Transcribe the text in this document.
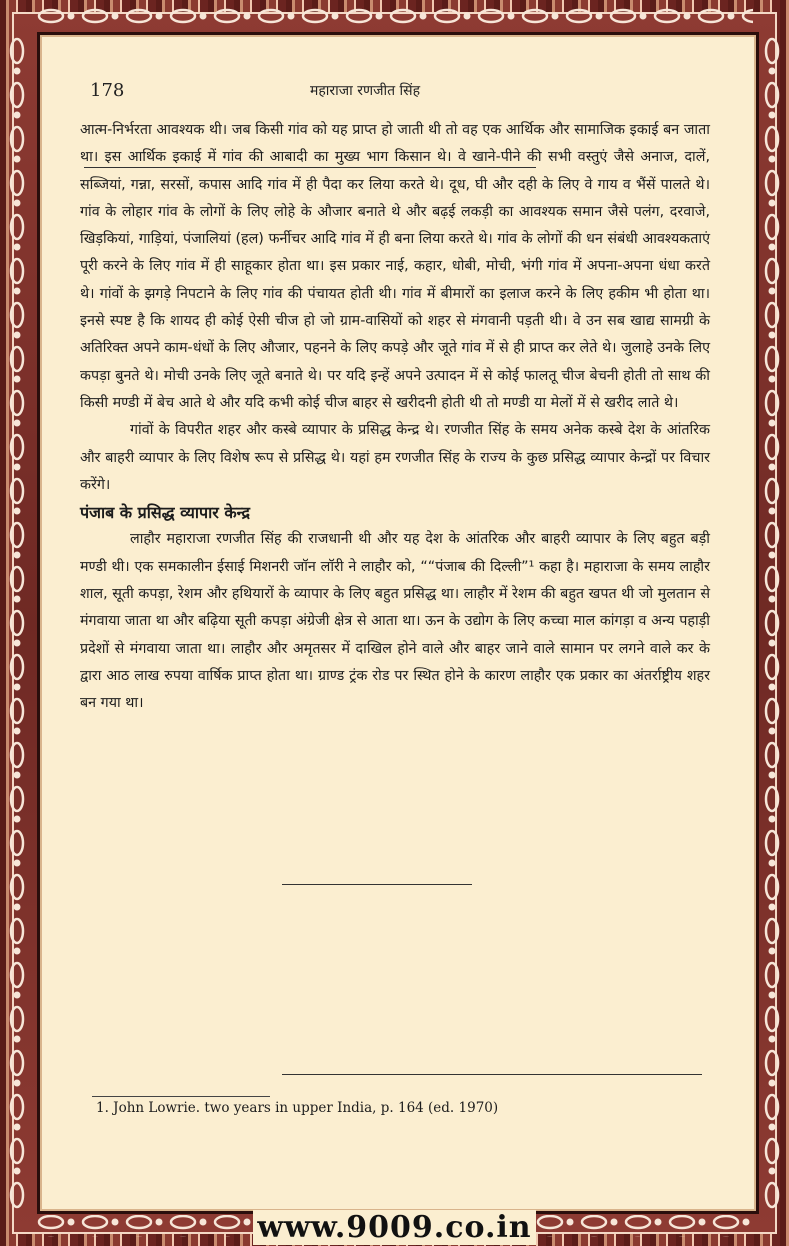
178	महाराजा रणजीत सिंह

आत्म-निर्भरता आवश्यक थी। जब किसी गांव को यह प्राप्त हो जाती थी तो वह एक आर्थिक और सामाजिक इकाई बन जाता था। इस आर्थिक इकाई में गांव की आबादी का मुख्य भाग किसान थे। वे खाने-पीने की सभी वस्तुएं जैसे अनाज, दालें, सब्जियां, गन्ना, सरसों, कपास आदि गांव में ही पैदा कर लिया करते थे। दूध, घी और दही के लिए वे गाय व भैंसें पालते थे। गांव के लोहार गांव के लोगों के लिए लोहे के औजार बनाते थे और बढ़ई लकड़ी का आवश्यक समान जैसे पलंग, दरवाजे, खिड़कियां, गाड़ियां, पंजालियां (हल) फर्नीचर आदि गांव में ही बना लिया करते थे। गांव के लोगों की धन संबंधी आवश्यकताएं पूरी करने के लिए गांव में ही साहूकार होता था। इस प्रकार नाई, कहार, धोबी, मोची, भंगी गांव में अपना-अपना धंधा करते थे। गांवों के झगड़े निपटाने के लिए गांव की पंचायत होती थी। गांव में बीमारों का इलाज करने के लिए हकीम भी होता था। इनसे स्पष्ट है कि शायद ही कोई ऐसी चीज हो जो ग्राम-वासियों को शहर से मंगवानी पड़ती थी। वे उन सब खाद्य सामग्री के अतिरिक्त अपने काम-धंधों के लिए औजार, पहनने के लिए कपड़े और जूते गांव में से ही प्राप्त कर लेते थे। जुलाहे उनके लिए कपड़ा बुनते थे। मोची उनके लिए जूते बनाते थे। पर यदि इन्हें अपने उत्पादन में से कोई फालतू चीज बेचनी होती तो साथ की किसी मण्डी में बेच आते थे और यदि कभी कोई चीज बाहर से खरीदनी होती थी तो मण्डी या मेलों में से खरीद लाते थे।

गांवों के विपरीत शहर और कस्बे व्यापार के प्रसिद्ध केन्द्र थे। रणजीत सिंह के समय अनेक कस्बे देश के आंतरिक और बाहरी व्यापार के लिए विशेष रूप से प्रसिद्ध थे। यहां हम रणजीत सिंह के राज्य के कुछ प्रसिद्ध व्यापार केन्द्रों पर विचार करेंगे।

पंजाब के प्रसिद्ध व्यापार केन्द्र

लाहौर महाराजा रणजीत सिंह की राजधानी थी और यह देश के आंतरिक और बाहरी व्यापार के लिए बहुत बड़ी मण्डी थी। एक समकालीन ईसाई मिशनरी जॉन लॉरी ने लाहौर को, ““पंजाब की दिल्ली”¹ कहा है। महाराजा के समय लाहौर शाल, सूती कपड़ा, रेशम और हथियारों के व्यापार के लिए बहुत प्रसिद्ध था। लाहौर में रेशम की बहुत खपत थी जो मुलतान से मंगवाया जाता था और बढ़िया सूती कपड़ा अंग्रेजी क्षेत्र से आता था। ऊन के उद्योग के लिए कच्चा माल कांगड़ा व अन्य पहाड़ी प्रदेशों से मंगवाया जाता था। लाहौर और अमृतसर में दाखिल होने वाले और बाहर जाने वाले सामान पर लगने वाले कर के द्वारा आठ लाख रुपया वार्षिक प्राप्त होता था। ग्राण्ड ट्रंक रोड पर स्थित होने के कारण लाहौर एक प्रकार का अंतर्राष्ट्रीय शहर बन गया था।

1. John Lowrie. two years in upper India, p. 164 (ed. 1970)
www.9009.co.in
